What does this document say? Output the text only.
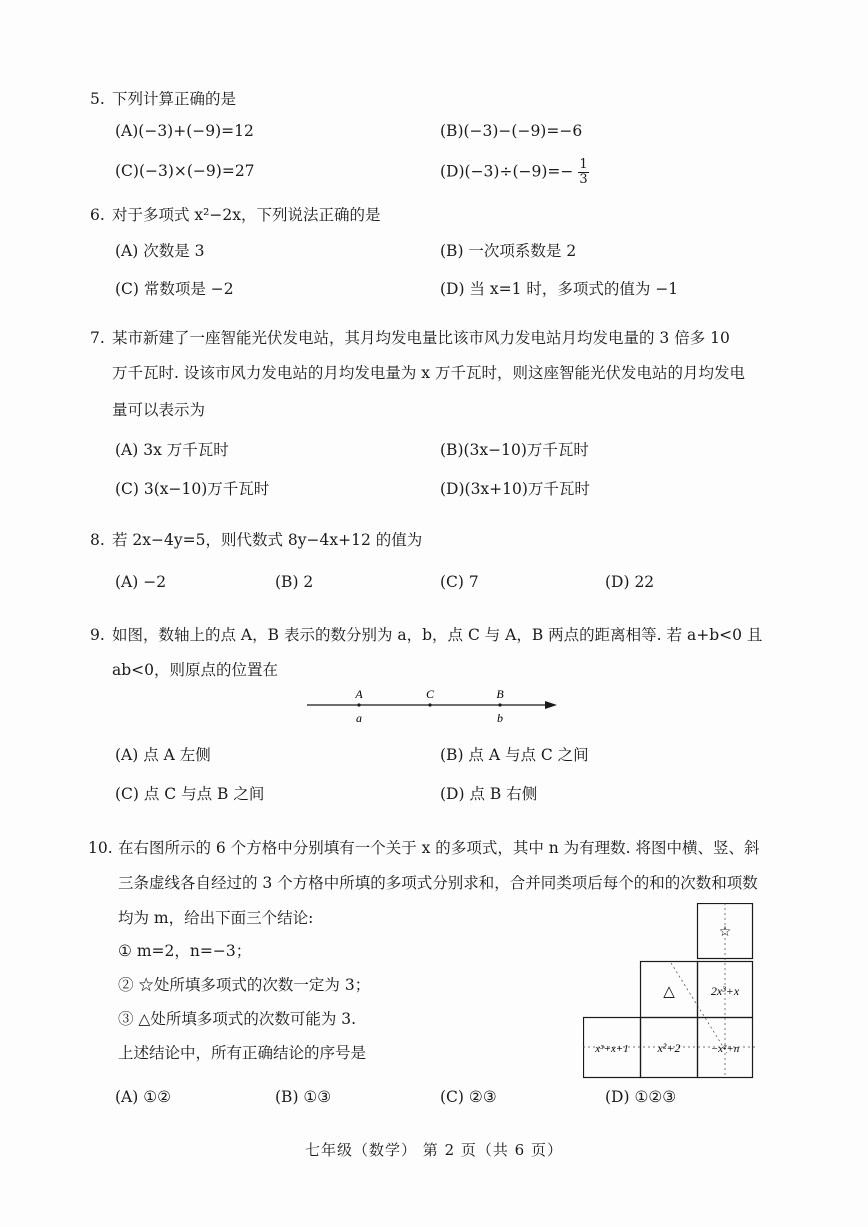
5. 下列计算正确的是
(A)(−3)+(−9)=12	(B)(−3)−(−9)=−6
(C)(−3)×(−9)=27	$(D)(-3)\div(-9)=- \frac{1}{3}$
6. 对于多项式 x²−2x，下列说法正确的是
(A) 次数是 3	(B) 一次项系数是 2
(C) 常数项是 −2	(D) 当 x=1 时，多项式的值为 −1
7. 某市新建了一座智能光伏发电站，其月均发电量比该市风力发电站月均发电量的 3 倍多 10
万千瓦时. 设该市风力发电站的月均发电量为 x 万千瓦时，则这座智能光伏发电站的月均发电
量可以表示为
(A) 3x 万千瓦时	(B)(3x−10)万千瓦时
(C) 3(x−10)万千瓦时	(D)(3x+10)万千瓦时
8. 若 2x−4y=5，则代数式 8y−4x+12 的值为
(A) −2	(B) 2	(C) 7	(D) 22
9. 如图，数轴上的点 A，B 表示的数分别为 a，b，点 C 与 A，B 两点的距离相等. 若 a+b<0 且
ab<0，则原点的位置在
A	C	B
a	b
(A) 点 A 左侧	(B) 点 A 与点 C 之间
(C) 点 C 与点 B 之间	(D) 点 B 右侧
10. 在右图所示的 6 个方格中分别填有一个关于 x 的多项式，其中 n 为有理数. 将图中横、竖、斜
三条虚线各自经过的 3 个方格中所填的多项式分别求和，合并同类项后每个的和的次数和项数
均为 m，给出下面三个结论:
① m=2，n=−3；
② ☆处所填多项式的次数一定为 3；
③ △处所填多项式的次数可能为 3.
上述结论中，所有正确结论的序号是
☆
△	2x³+x
x³+x+1 x²+2	−x²+n
(A) ①②	(B) ①③	(C) ②③	(D) ①②③
七年级（数学） 第 2 页（共 6 页）
